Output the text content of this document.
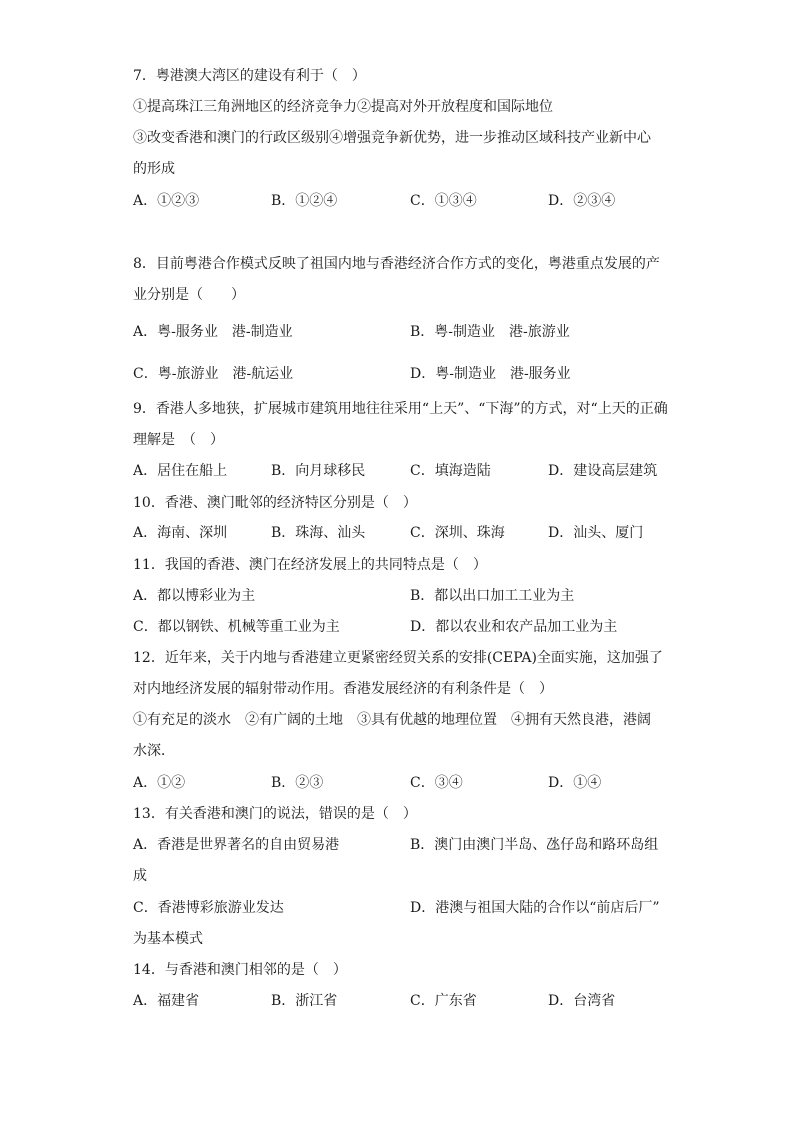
7．粤港澳大湾区的建设有利于（　）
①提高珠江三角洲地区的经济竞争力②提高对外开放程度和国际地位
③改变香港和澳门的行政区级别④增强竞争新优势，进一步推动区域科技产业新中心
的形成
A．①②③	B．①②④	C．①③④	D．②③④
8．目前粤港合作模式反映了祖国内地与香港经济合作方式的变化，粤港重点发展的产
业分别是（　　）
A．粤-服务业　港-制造业	B．粤-制造业　港-旅游业
C．粤-旅游业　港-航运业	D．粤-制造业　港-服务业
9．香港人多地狭，扩展城市建筑用地往往采用“上天”、“下海”的方式，对“上天的正确
理解是　（　）
A．居住在船上	B．向月球移民	C．填海造陆	D．建设高层建筑
10．香港、澳门毗邻的经济特区分别是（　）
A．海南、深圳	B．珠海、汕头	C．深圳、珠海	D．汕头、厦门
11．我国的香港、澳门在经济发展上的共同特点是（　）
A．都以博彩业为主	B．都以出口加工工业为主
C．都以钢铁、机械等重工业为主	D．都以农业和农产品加工业为主
12．近年来，关于内地与香港建立更紧密经贸关系的安排(CEPA)全面实施，这加强了
对内地经济发展的辐射带动作用。香港发展经济的有利条件是（　）
①有充足的淡水　②有广阔的土地　③具有优越的地理位置　④拥有天然良港，港阔
水深．
A．①②	B．②③	C．③④	D．①④
13．有关香港和澳门的说法，错误的是（　）
A．香港是世界著名的自由贸易港	B．澳门由澳门半岛、氹仔岛和路环岛组
成
C．香港博彩旅游业发达	D．港澳与祖国大陆的合作以“前店后厂”
为基本模式
14．与香港和澳门相邻的是（　）
A．福建省	B．浙江省	C．广东省	D．台湾省
